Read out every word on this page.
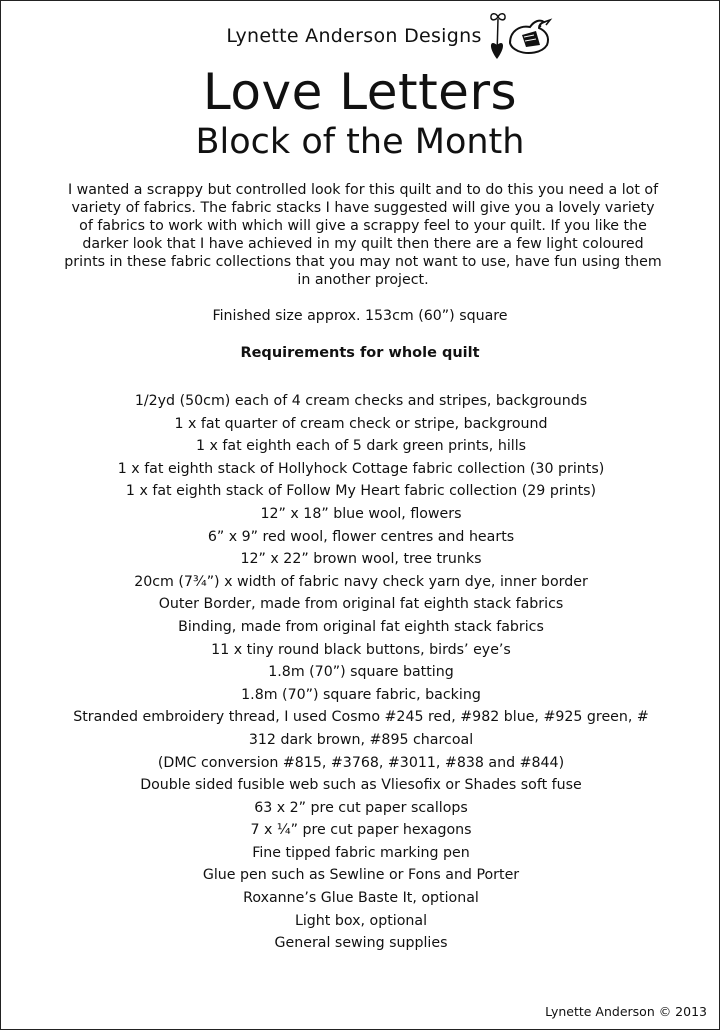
Lynette Anderson Designs
Love Letters
Block of the Month

I wanted a scrappy but controlled look for this quilt and to do this you need a lot of variety of fabrics. The fabric stacks I have suggested will give you a lovely variety of fabrics to work with which will give a scrappy feel to your quilt. If you like the darker look that I have achieved in my quilt then there are a few light coloured prints in these fabric collections that you may not want to use, have fun using them in another project.

Finished size approx. 153cm (60”) square
Requirements for whole quilt
1/2yd (50cm) each of 4 cream checks and stripes, backgrounds
1 x fat quarter of cream check or stripe, background
1 x fat eighth each of 5 dark green prints, hills
1 x fat eighth stack of Hollyhock Cottage fabric collection (30 prints)
1 x fat eighth stack of Follow My Heart fabric collection (29 prints)
12” x 18” blue wool, flowers
6” x 9” red wool, flower centres and hearts
12” x 22” brown wool, tree trunks
20cm (7¾”) x width of fabric navy check yarn dye, inner border
Outer Border, made from original fat eighth stack fabrics
Binding, made from original fat eighth stack fabrics
11 x tiny round black buttons, birds’ eye’s
1.8m (70”) square batting
1.8m (70”) square fabric, backing
Stranded embroidery thread, I used Cosmo #245 red, #982 blue, #925 green, #
312 dark brown, #895 charcoal
(DMC conversion #815, #3768, #3011, #838 and #844)
Double sided fusible web such as Vliesofix or Shades soft fuse
63 x 2” pre cut paper scallops
7 x ¼” pre cut paper hexagons
Fine tipped fabric marking pen
Glue pen such as Sewline or Fons and Porter
Roxanne’s Glue Baste It, optional
Light box, optional
General sewing supplies
Lynette Anderson © 2013
